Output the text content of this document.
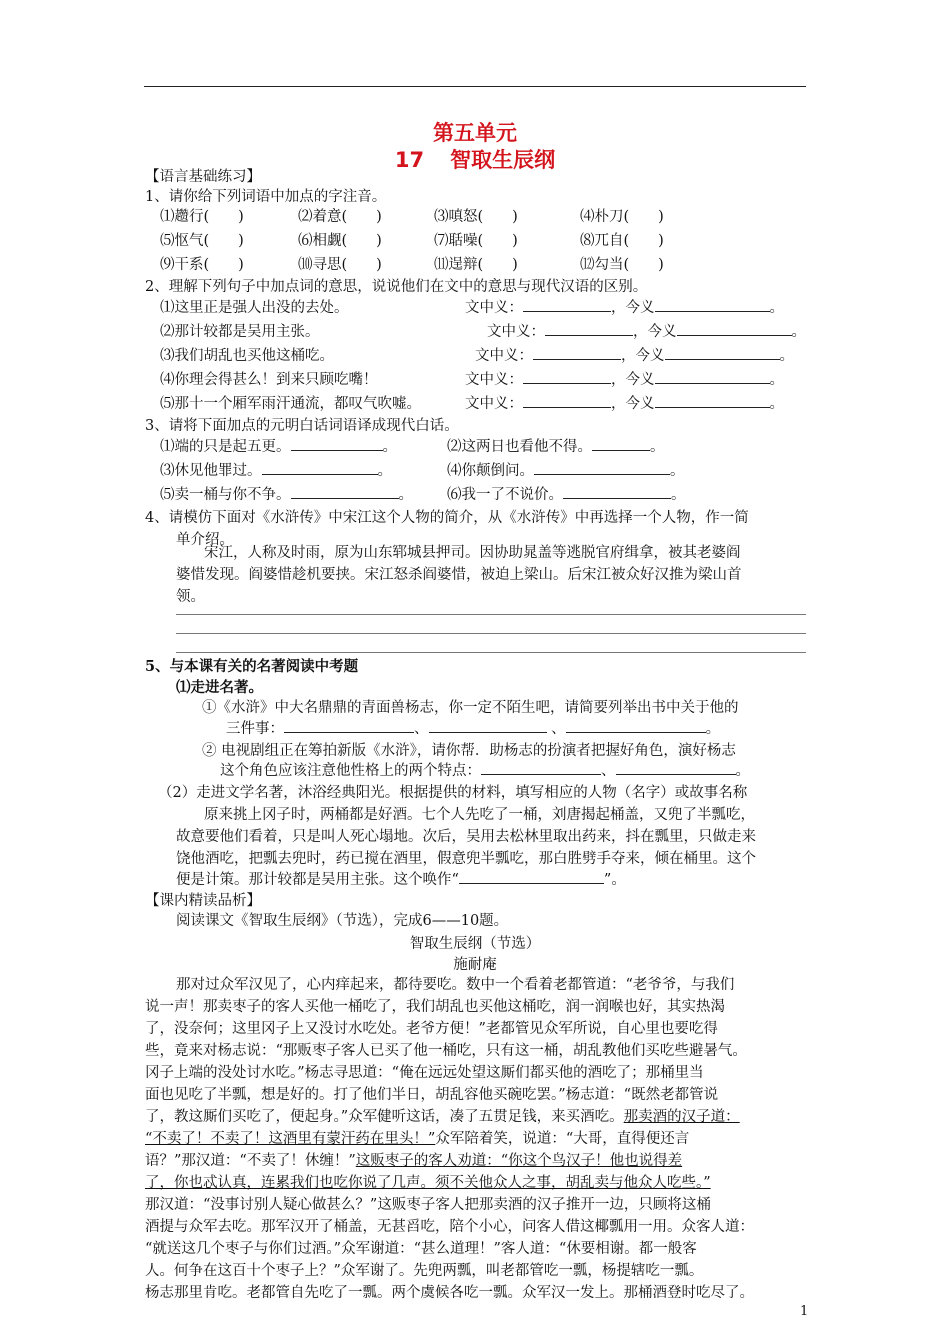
第五单元
17 智取生辰纲
【语言基础练习】
1、请你给下列词语中加点的字注音。
⑴趱行(　　)	⑵着意(　　)	⑶嗔怒(　　)	⑷朴刀(　　)
⑸怄气(　　)	⑹相觑(　　)	⑺聒噪(　　)	⑻兀自(　　)
⑼干系(　　)	⑽寻思(　　)	⑾逞辩(　　)	⑿勾当(　　)
2、理解下列句子中加点词的意思，说说他们在文中的意思与现代汉语的区别。
⑴这里正是强人出没的去处。	文中义：	，今义	。
⑵那计较都是吴用主张。	文中义：	，今义	。
⑶我们胡乱也买他这桶吃。	文中义：	，今义	。
⑷你理会得甚么！到来只顾吃嘴！	文中义：	，今义	。
⑸那十一个厢军雨汗通流，都叹气吹嘘。	文中义：	，今义	。
3、请将下面加点的元明白话词语译成现代白话。
⑴端的只是起五更。	。	⑵这两日也看他不得。	。
⑶休见他罪过。	。	⑷你颠倒问。	。
⑸卖一桶与你不争。	。 ⑹我一了不说价。	。
4、请模仿下面对《水浒传》中宋江这个人物的简介，从《水浒传》中再选择一个人物，作一简
单介绍。
宋江，人称及时雨，原为山东郓城县押司。因协助晁盖等逃脱官府缉拿，被其老婆阎
婆惜发现。阎婆惜趁机要挟。宋江怒杀阎婆惜，被迫上梁山。后宋江被众好汉推为梁山首
领。
5、与本课有关的名著阅读中考题
⑴走进名著。
①《水浒》中大名鼎鼎的青面兽杨志，你一定不陌生吧，请简要列举出书中关于他的
三件事：	、	、	。
② 电视剧组正在筹拍新版《水浒》，请你帮．助杨志的扮演者把握好角色，演好杨志
这个角色应该注意他性格上的两个特点：	、	。
（2）走进文学名著，沐浴经典阳光。根据提供的材料，填写相应的人物（名字）或故事名称
原来挑上冈子时，两桶都是好酒。七个人先吃了一桶，刘唐揭起桶盖，又兜了半瓢吃，
故意要他们看着，只是叫人死心塌地。次后，吴用去松林里取出药来，抖在瓢里，只做走来
饶他酒吃，把瓢去兜时，药已搅在酒里，假意兜半瓢吃，那白胜劈手夺来，倾在桶里。这个
便是计策。那计较都是吴用主张。这个唤作“	”。
【课内精读品析】
阅读课文《智取生辰纲》（节选），完成6——10题。
智取生辰纲（节选）
施耐庵
那对过众军汉见了，心内痒起来，都待要吃。数中一个看着老都管道：“老爷爷，与我们
说一声！那卖枣子的客人买他一桶吃了，我们胡乱也买他这桶吃，润一润喉也好，其实热渴
了，没奈何；这里冈子上又没讨水吃处。老爷方便！”老都管见众军所说，自心里也要吃得
些，竟来对杨志说：“那贩枣子客人已买了他一桶吃，只有这一桶，胡乱教他们买吃些避暑气。
冈子上端的没处讨水吃。”杨志寻思道：“俺在远远处望这厮们都买他的酒吃了；那桶里当
面也见吃了半瓢，想是好的。打了他们半日，胡乱容他买碗吃罢。”杨志道：“既然老都管说
了，教这厮们买吃了，便起身。”众军健听这话，凑了五贯足钱，来买酒吃。那卖酒的汉子道：
“不卖了！不卖了！这酒里有蒙汗药在里头！”众军陪着笑，说道：“大哥，直得便还言
语？”那汉道：“不卖了！休缠！”这贩枣子的客人劝道：“你这个鸟汉子！他也说得差
了，你也忒认真，连累我们也吃你说了几声。须不关他众人之事，胡乱卖与他众人吃些。”
那汉道：“没事讨别人疑心做甚么？”这贩枣子客人把那卖酒的汉子推开一边，只顾将这桶
酒提与众军去吃。那军汉开了桶盖，无甚舀吃，陪个小心，问客人借这椰瓢用一用。众客人道：
“就送这几个枣子与你们过酒。”众军谢道：“甚么道理！”客人道：“休要相谢。都一般客
人。何争在这百十个枣子上？”众军谢了。先兜两瓢，叫老都管吃一瓢，杨提辖吃一瓢。
杨志那里肯吃。老都管自先吃了一瓢。两个虞候各吃一瓢。众军汉一发上。那桶酒登时吃尽了。
1
